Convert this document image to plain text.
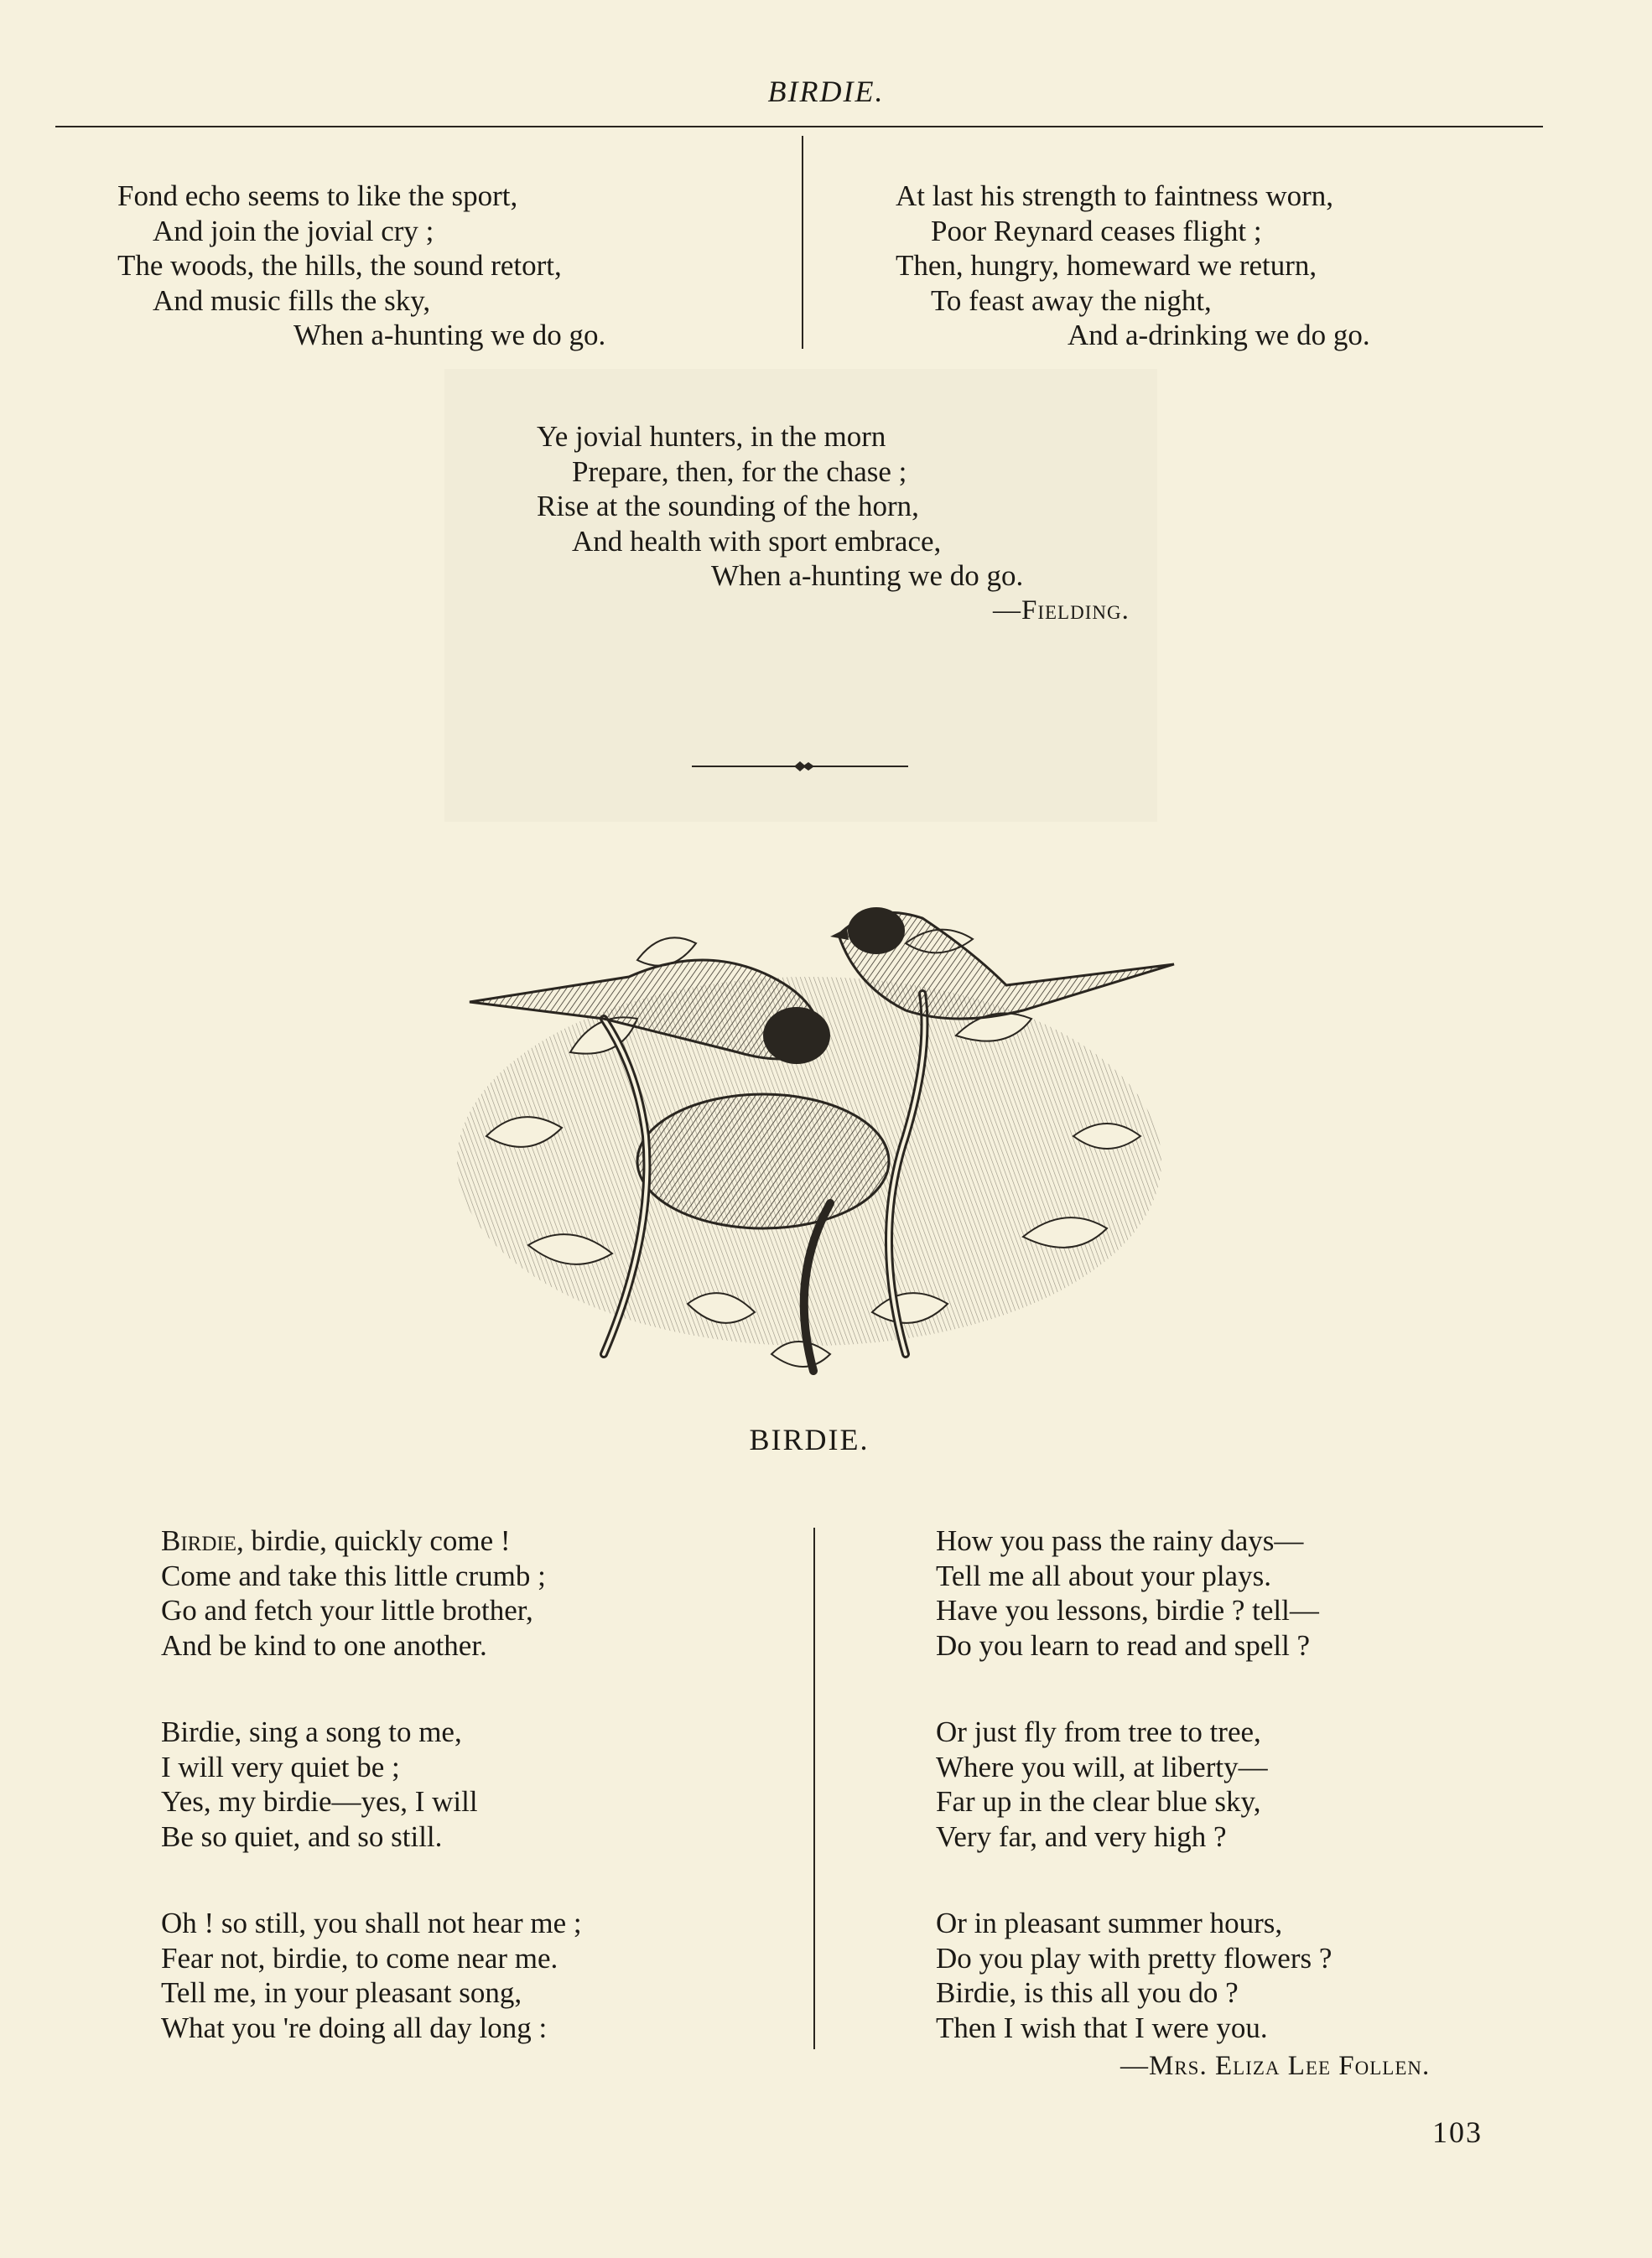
BIRDIE.
Fond echo seems to like the sport,
And join the jovial cry ;
The woods, the hills, the sound retort,
And music fills the sky,
When a-hunting we do go.
At last his strength to faintness worn,
Poor Reynard ceases flight ;
Then, hungry, homeward we return,
To feast away the night,
And a-drinking we do go.
Ye jovial hunters, in the morn
Prepare, then, for the chase ;
Rise at the sounding of the horn,
And health with sport embrace,
When a-hunting we do go.
—Fielding.
BIRDIE.
Birdie, birdie, quickly come !
Come and take this little crumb ;
Go and fetch your little brother,
And be kind to one another.
Birdie, sing a song to me,
I will very quiet be ;
Yes, my birdie—yes, I will
Be so quiet, and so still.
Oh ! so still, you shall not hear me ;
Fear not, birdie, to come near me.
Tell me, in your pleasant song,
What you 're doing all day long :
How you pass the rainy days—
Tell me all about your plays.
Have you lessons, birdie ? tell—
Do you learn to read and spell ?
Or just fly from tree to tree,
Where you will, at liberty—
Far up in the clear blue sky,
Very far, and very high ?
Or in pleasant summer hours,
Do you play with pretty flowers ?
Birdie, is this all you do ?
Then I wish that I were you.
—Mrs. Eliza Lee Follen.
103
